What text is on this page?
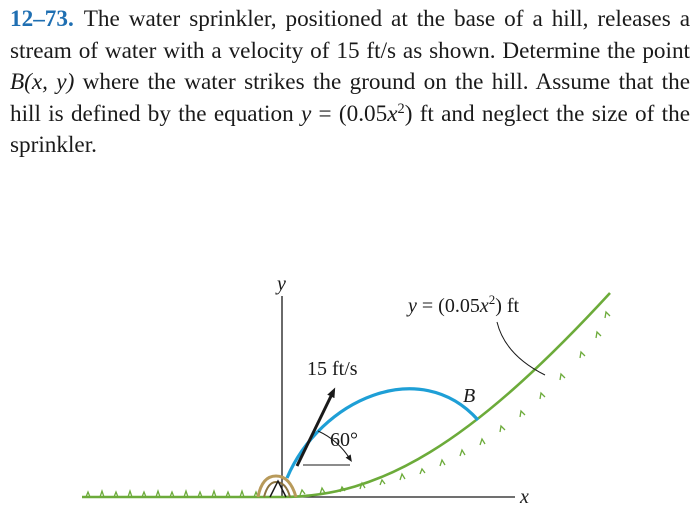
12–73. The water sprinkler, positioned at the base of a hill, releases a stream of water with a velocity of 15 ft/s as shown. Determine the point B(x, y) where the water strikes the ground on the hill. Assume that the hill is defined by the equation $y = (0.05x^2)$ ft and neglect the size of the sprinkler.
x
y
15 ft/s
60°
$y = (0.05x^2)$ ft
B
